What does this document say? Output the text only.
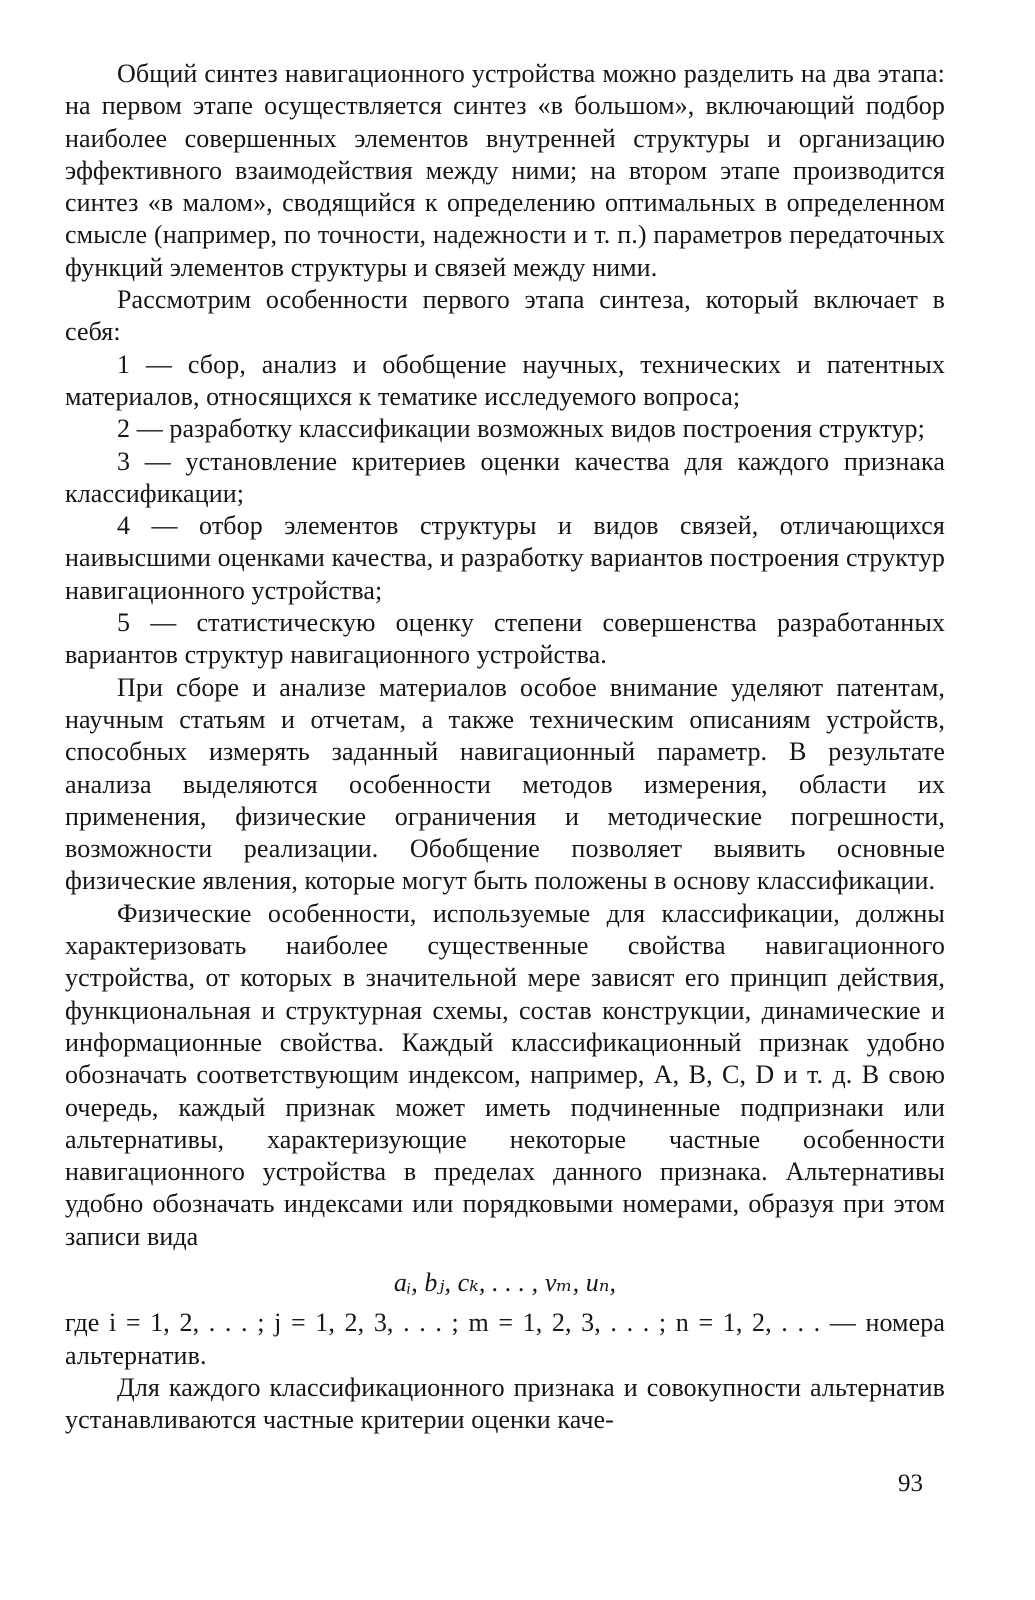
Общий синтез навигационного устройства можно разделить на два этапа: на первом этапе осуществляется синтез «в большом», включающий подбор наиболее совершенных элементов внутренней структуры и организацию эффективного взаимодействия между ними; на втором этапе производится синтез «в малом», сводящийся к определению оптимальных в определенном смысле (например, по точности, надежности и т. п.) параметров передаточных функций элементов структуры и связей между ними.

Рассмотрим особенности первого этапа синтеза, который включает в себя:

1 — сбор, анализ и обобщение научных, технических и патентных материалов, относящихся к тематике исследуемого вопроса;

2 — разработку классификации возможных видов построения структур;

3 — установление критериев оценки качества для каждого признака классификации;

4 — отбор элементов структуры и видов связей, отличающихся наивысшими оценками качества, и разработку вариантов построения структур навигационного устройства;

5 — статистическую оценку степени совершенства разработанных вариантов структур навигационного устройства.

При сборе и анализе материалов особое внимание уделяют патентам, научным статьям и отчетам, а также техническим описаниям устройств, способных измерять заданный навигационный параметр. В результате анализа выделяются особенности методов измерения, области их применения, физические ограничения и методические погрешности, возможности реализации. Обобщение позволяет выявить основные физические явления, которые могут быть положены в основу классификации.

Физические особенности, используемые для классификации, должны характеризовать наиболее существенные свойства навигационного устройства, от которых в значительной мере зависят его принцип действия, функциональная и структурная схемы, состав конструкции, динамические и информационные свойства. Каждый классификационный признак удобно обозначать соответствующим индексом, например, A, B, C, D и т. д. В свою очередь, каждый признак может иметь подчиненные подпризнаки или альтернативы, характеризующие некоторые частные особенности навигационного устройства в пределах данного признака. Альтернативы удобно обозначать индексами или порядковыми номерами, образуя при этом записи вида

aᵢ, bⱼ, cₖ, . . . , vₘ, uₙ,

где i = 1, 2, . . . ; j = 1, 2, 3, . . . ; m = 1, 2, 3, . . . ; n = 1, 2, . . . — номера альтернатив.

Для каждого классификационного признака и совокупности альтернатив устанавливаются частные критерии оценки каче-

93
